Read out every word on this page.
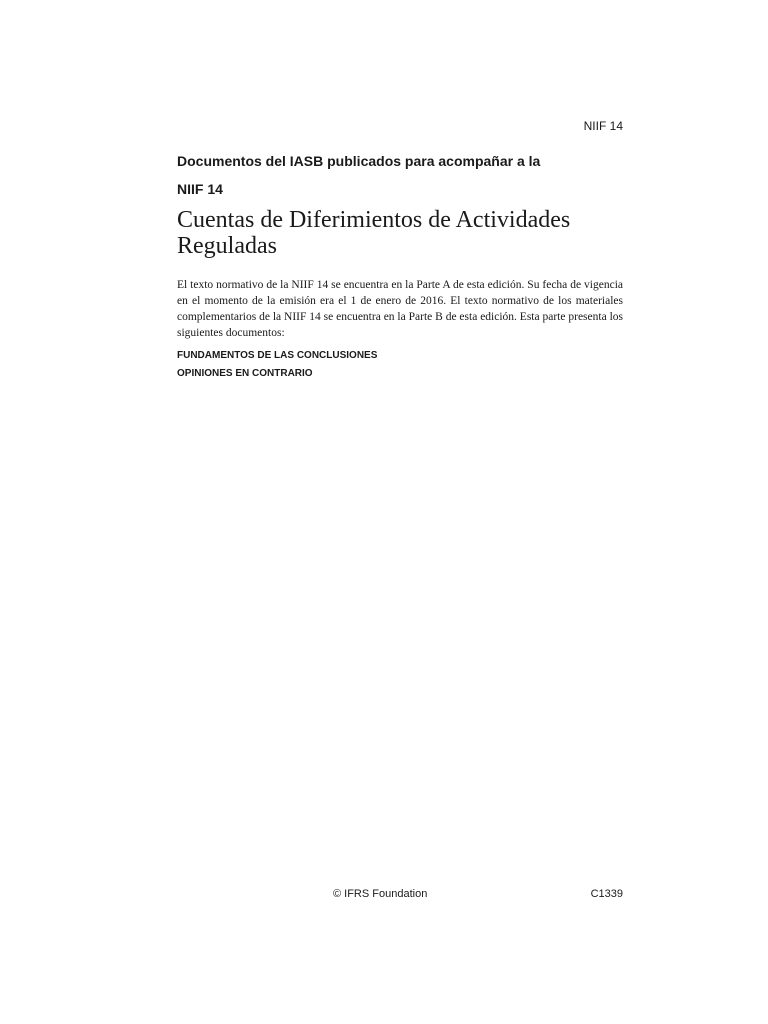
NIIF 14
Documentos del IASB publicados para acompañar a la
NIIF 14
Cuentas de Diferimientos de Actividades Reguladas

El texto normativo de la NIIF 14 se encuentra en la Parte A de esta edición. Su fecha de vigencia en el momento de la emisión era el 1 de enero de 2016. El texto normativo de los materiales complementarios de la NIIF 14 se encuentra en la Parte B de esta edición. Esta parte presenta los siguientes documentos:

FUNDAMENTOS DE LAS CONCLUSIONES
OPINIONES EN CONTRARIO
© IFRS Foundation	C1339
